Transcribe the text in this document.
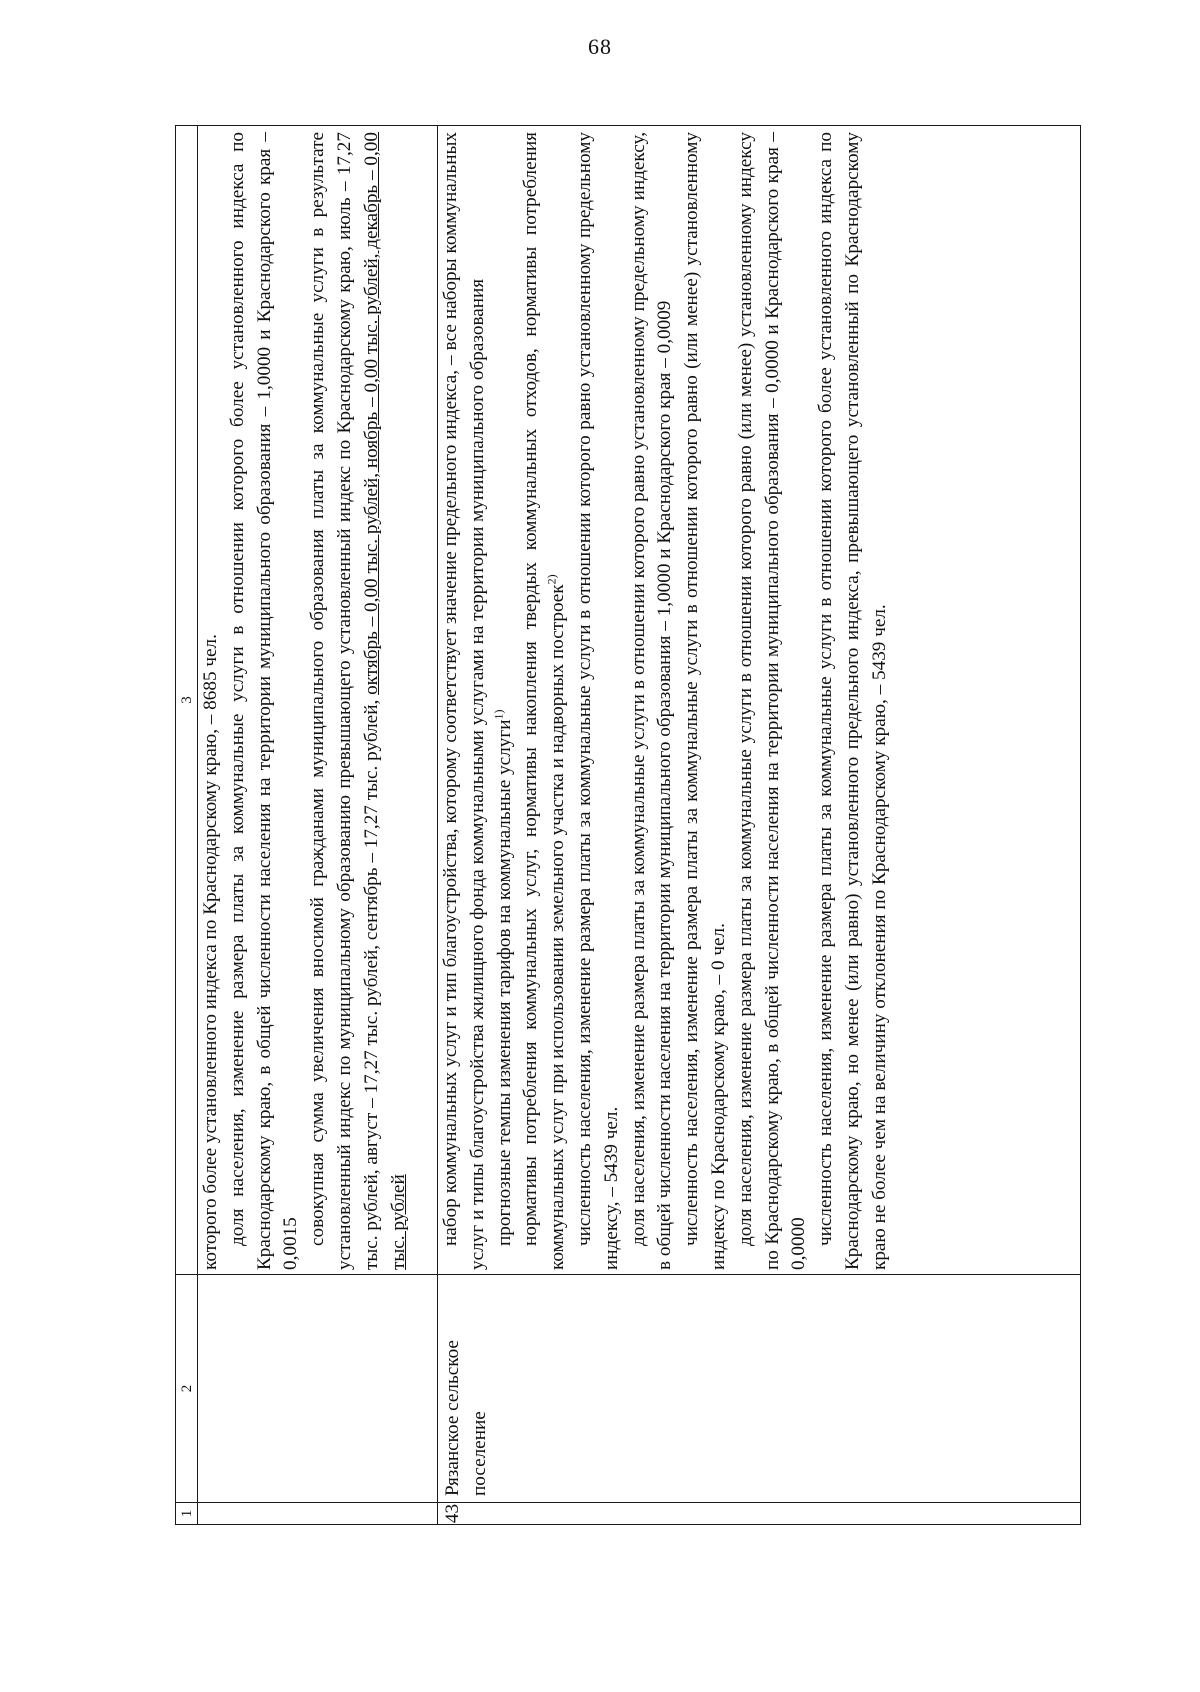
68
1
2
3 которого более установленного индекса по Краснодарскому краю, – 8685 чел. доля населения, изменение размера платы за коммунальные услуги в отношении которого более установленного индекса по Краснодарскому краю, в общей численности населения на территории муниципального образования – 1,0000 и Краснодарского края – 0,0015 совокупная сумма увеличения вносимой гражданами муниципального образования платы за коммунальные услуги в результате установленный индекс по муниципальному образованию превышающего установленный индекс по Краснодарскому краю, июль – 17,27 тыс. рублей, август – 17,27 тыс. рублей, сентябрь – 17,27 тыс. рублей, октябрь – 0,00 тыс. рублей, ноябрь – 0,00 тыс. рублей, декабрь – 0,00 тыс. рублей

43
Рязанское сельское поселение

набор коммунальных услуг и тип благоустройства, которому соответствует значение предельного индекса, – все наборы коммунальных услуг и типы благоустройства жилищного фонда коммунальными услугами на территории муниципального образования прогнозные темпы изменения тарифов на коммунальные услуги$^{1)}$ нормативы потребления коммунальных услуг, нормативы накопления твердых коммунальных отходов, нормативы потребления коммунальных услуг при использовании земельного участка и надворных построек$^{2)}$ численность населения, изменение размера платы за коммунальные услуги в отношении которого равно установленному предельному индексу, – 5439 чел. доля населения, изменение размера платы за коммунальные услуги в отношении которого равно установленному предельному индексу, в общей численности населения на территории муниципального образования – 1,0000 и Краснодарского края – 0,0009 численность населения, изменение размера платы за коммунальные услуги в отношении которого равно (или менее) установленному индексу по Краснодарскому краю, – 0 чел. доля населения, изменение размера платы за коммунальные услуги в отношении которого равно (или менее) установленному индексу по Краснодарскому краю, в общей численности населения на территории муниципального образования – 0,0000 и Краснодарского края – 0,0000 численность населения, изменение размера платы за коммунальные услуги в отношении которого более установленного индекса по Краснодарскому краю, но менее (или равно) установленного предельного индекса, превышающего установленный по Краснодарскому краю не более чем на величину отклонения по Краснодарскому краю, – 5439 чел.
